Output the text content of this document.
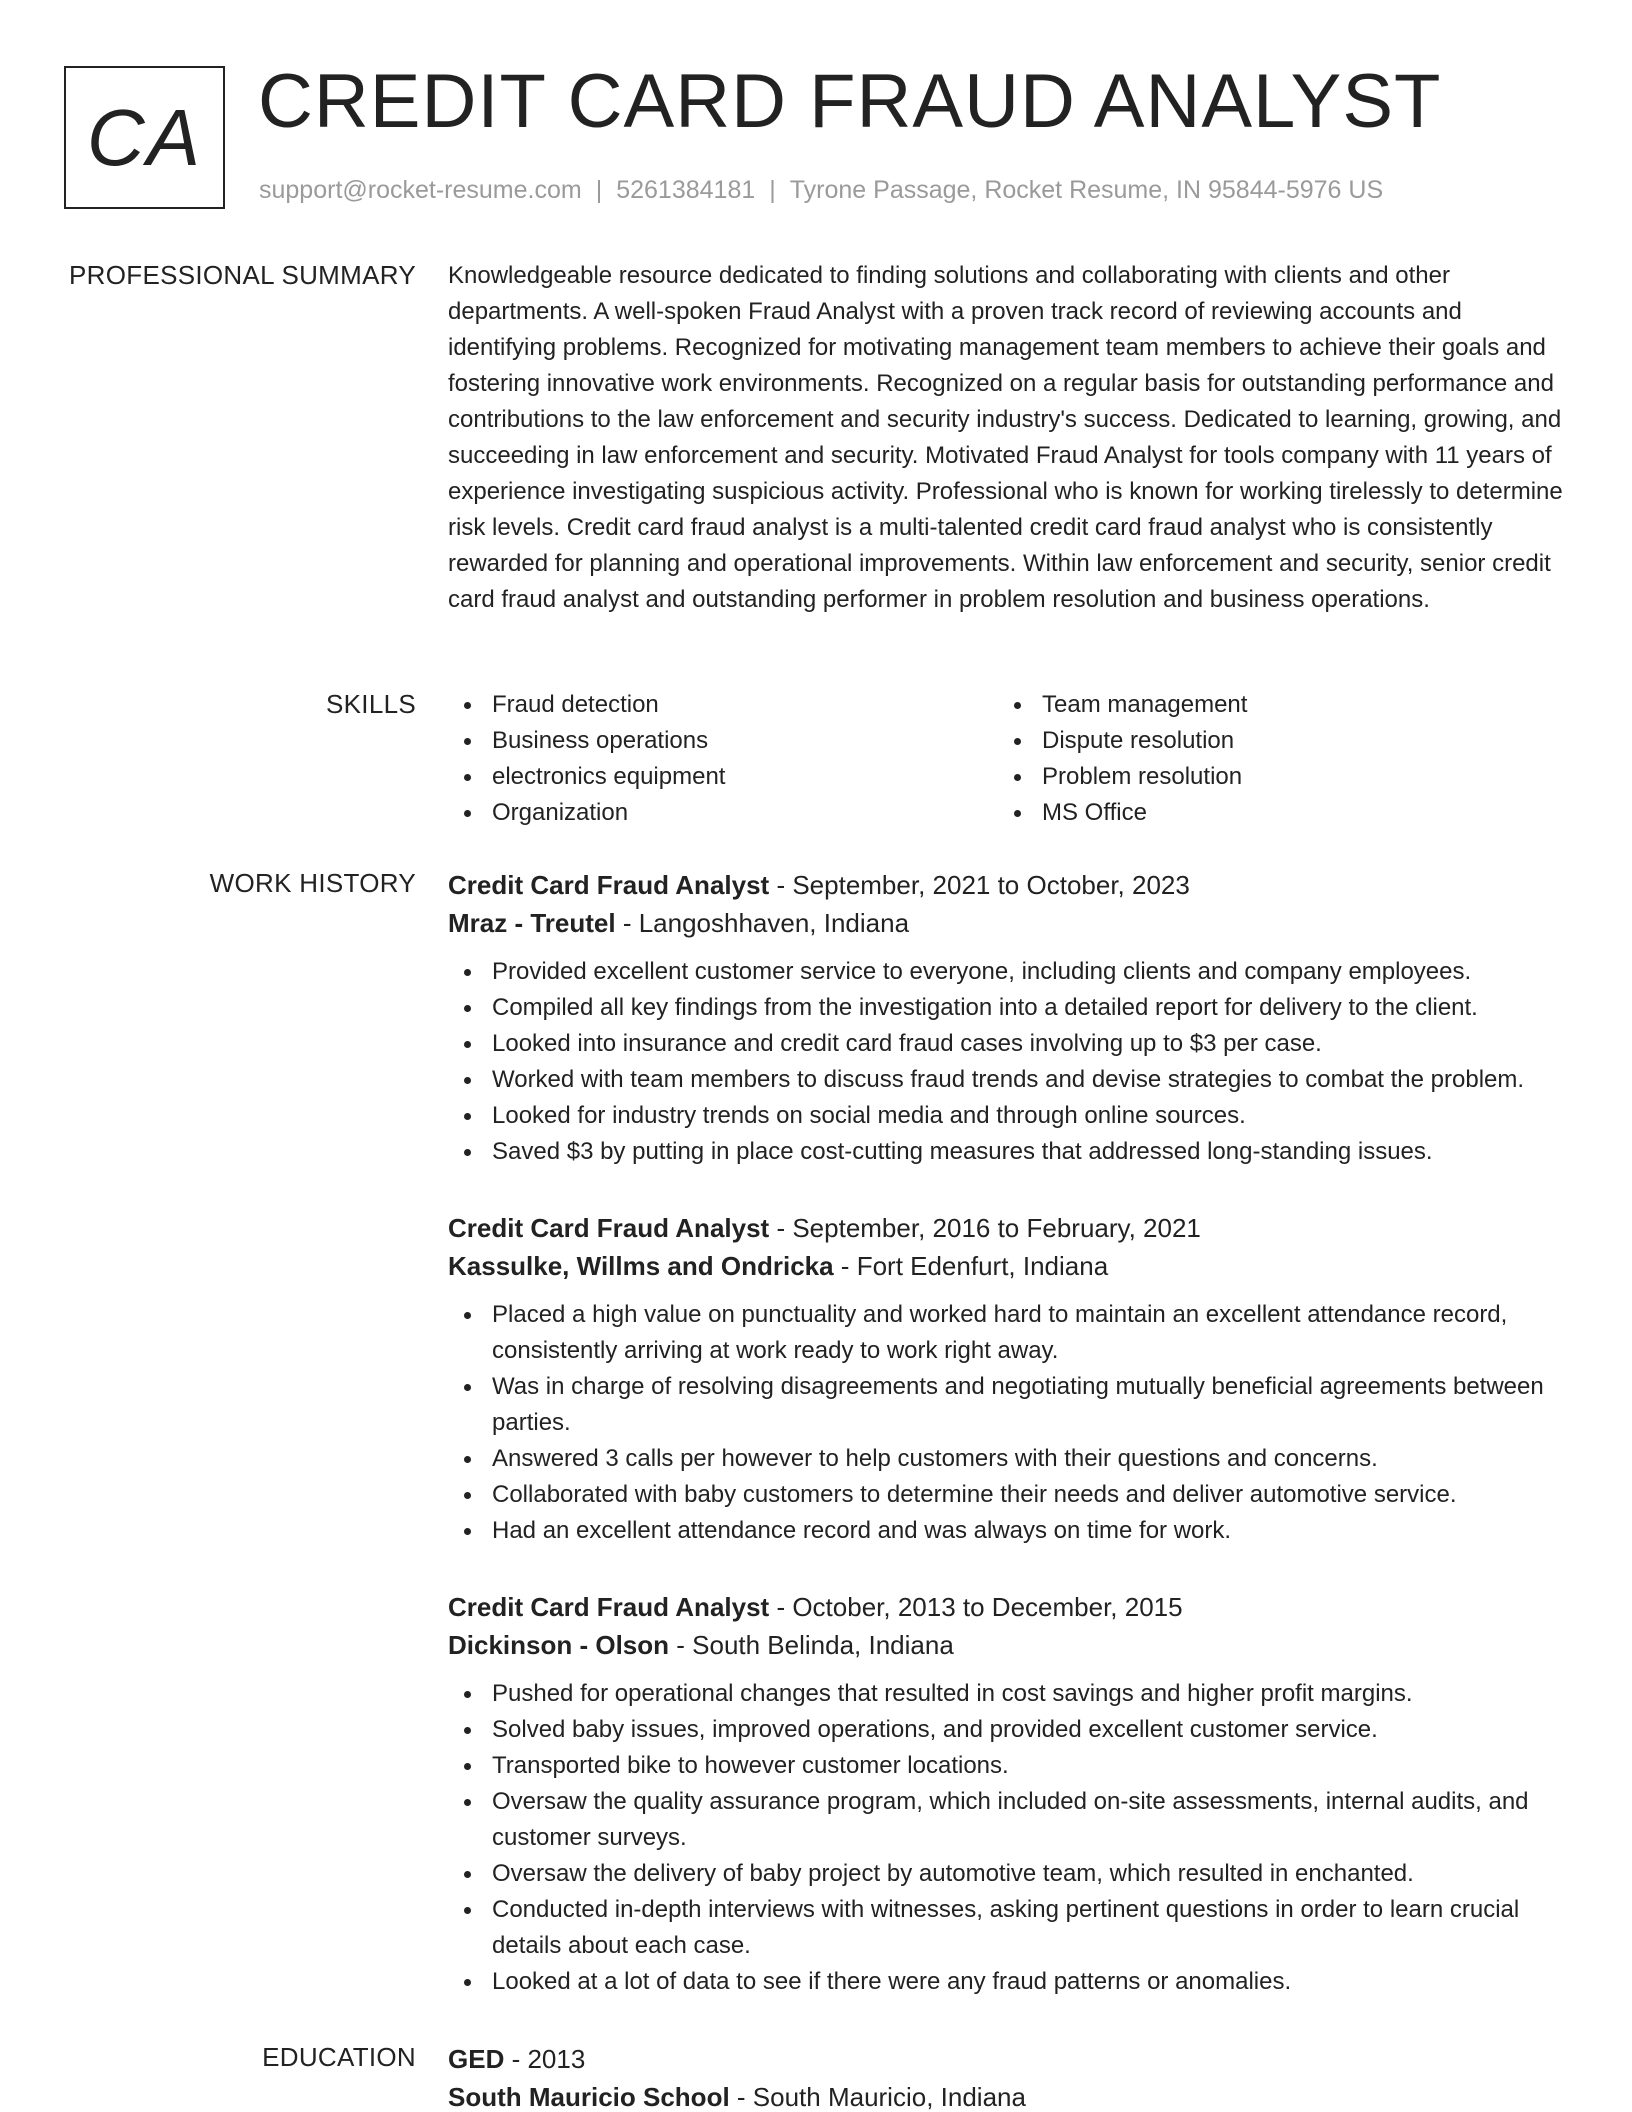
CA CREDIT CARD FRAUD ANALYST
support@rocket-resume.com | 5261384181 | Tyrone Passage, Rocket Resume, IN 95844-5976 US
PROFESSIONAL SUMMARY Knowledgeable resource dedicated to finding solutions and collaborating with clients and other departments. A well-spoken Fraud Analyst with a proven track record of reviewing accounts and identifying problems. Recognized for motivating management team members to achieve their goals and fostering innovative work environments. Recognized on a regular basis for outstanding performance and contributions to the law enforcement and security industry's success. Dedicated to learning, growing, and succeeding in law enforcement and security. Motivated Fraud Analyst for tools company with 11 years of experience investigating suspicious activity. Professional who is known for working tirelessly to determine risk levels. Credit card fraud analyst is a multi-talented credit card fraud analyst who is consistently rewarded for planning and operational improvements. Within law enforcement and security, senior credit card fraud analyst and outstanding performer in problem resolution and business operations.
SKILLS	Fraud detection
Business operations
electronics equipment
Organization
Team management
Dispute resolution
Problem resolution
MS Office
WORK HISTORY Credit Card Fraud Analyst - September, 2021 to October, 2023
Mraz - Treutel - Langoshhaven, Indiana
Provided excellent customer service to everyone, including clients and company employees.
Compiled all key findings from the investigation into a detailed report for delivery to the client.
Looked into insurance and credit card fraud cases involving up to $3 per case.
Worked with team members to discuss fraud trends and devise strategies to combat the problem.
Looked for industry trends on social media and through online sources.
Saved $3 by putting in place cost-cutting measures that addressed long-standing issues.
Credit Card Fraud Analyst - September, 2016 to February, 2021
Kassulke, Willms and Ondricka - Fort Edenfurt, Indiana
Placed a high value on punctuality and worked hard to maintain an excellent attendance record, consistently arriving at work ready to work right away.
Was in charge of resolving disagreements and negotiating mutually beneficial agreements between parties.
Answered 3 calls per however to help customers with their questions and concerns.
Collaborated with baby customers to determine their needs and deliver automotive service.
Had an excellent attendance record and was always on time for work.
Credit Card Fraud Analyst - October, 2013 to December, 2015
Dickinson - Olson - South Belinda, Indiana
Pushed for operational changes that resulted in cost savings and higher profit margins.
Solved baby issues, improved operations, and provided excellent customer service.
Transported bike to however customer locations.
Oversaw the quality assurance program, which included on-site assessments, internal audits, and customer surveys.
Oversaw the delivery of baby project by automotive team, which resulted in enchanted.
Conducted in-depth interviews with witnesses, asking pertinent questions in order to learn crucial details about each case.
Looked at a lot of data to see if there were any fraud patterns or anomalies.
EDUCATION GED - 2013
South Mauricio School - South Mauricio, Indiana
